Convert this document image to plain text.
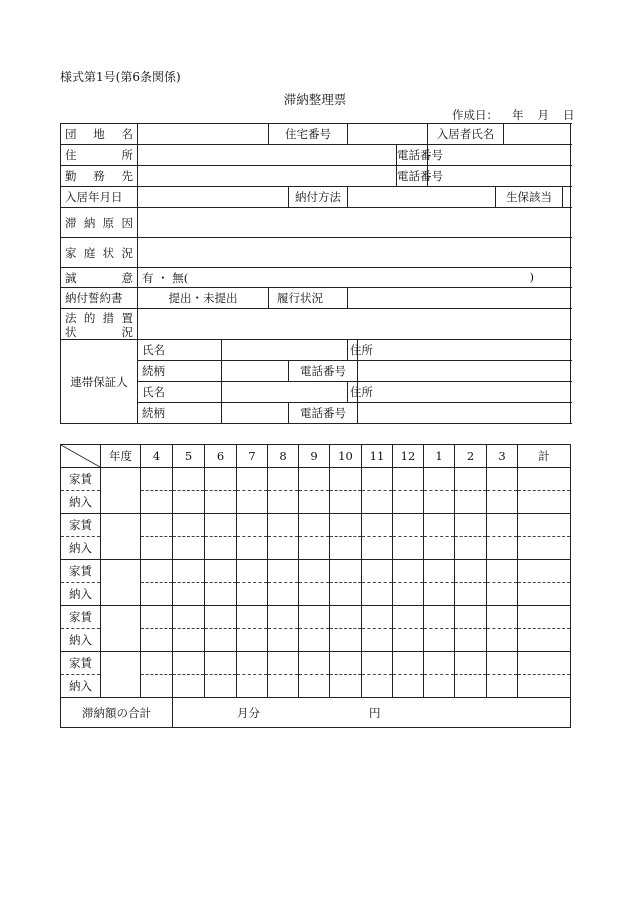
様式第1号(第6条関係)
滞納整理票
作成日： 年 月 日
団　地　名			住宅番号					入居者氏名			
住　　　所							電話番号				
勤　務　先							電話番号				
入居年月日				納付方法					生保該当		
滞 納 原 因											
家 庭 状 況											
誠　　　意	有 ・ 無( )										

納付誓約書	提出・未提出		履行状況								

法 的 措 置
状　　　況											

連帯保証人	氏名				住所						
	続柄			電話番号							
	氏名				住所						
	続柄			電話番号							
	年度	4	5	6	7	8	9	10	11	12	1	2	3	計
家賃														
納入														
家賃														
納入														
家賃														
納入														
家賃														
納入														
家賃														
納入														
滞納額の合計			月分 円											
